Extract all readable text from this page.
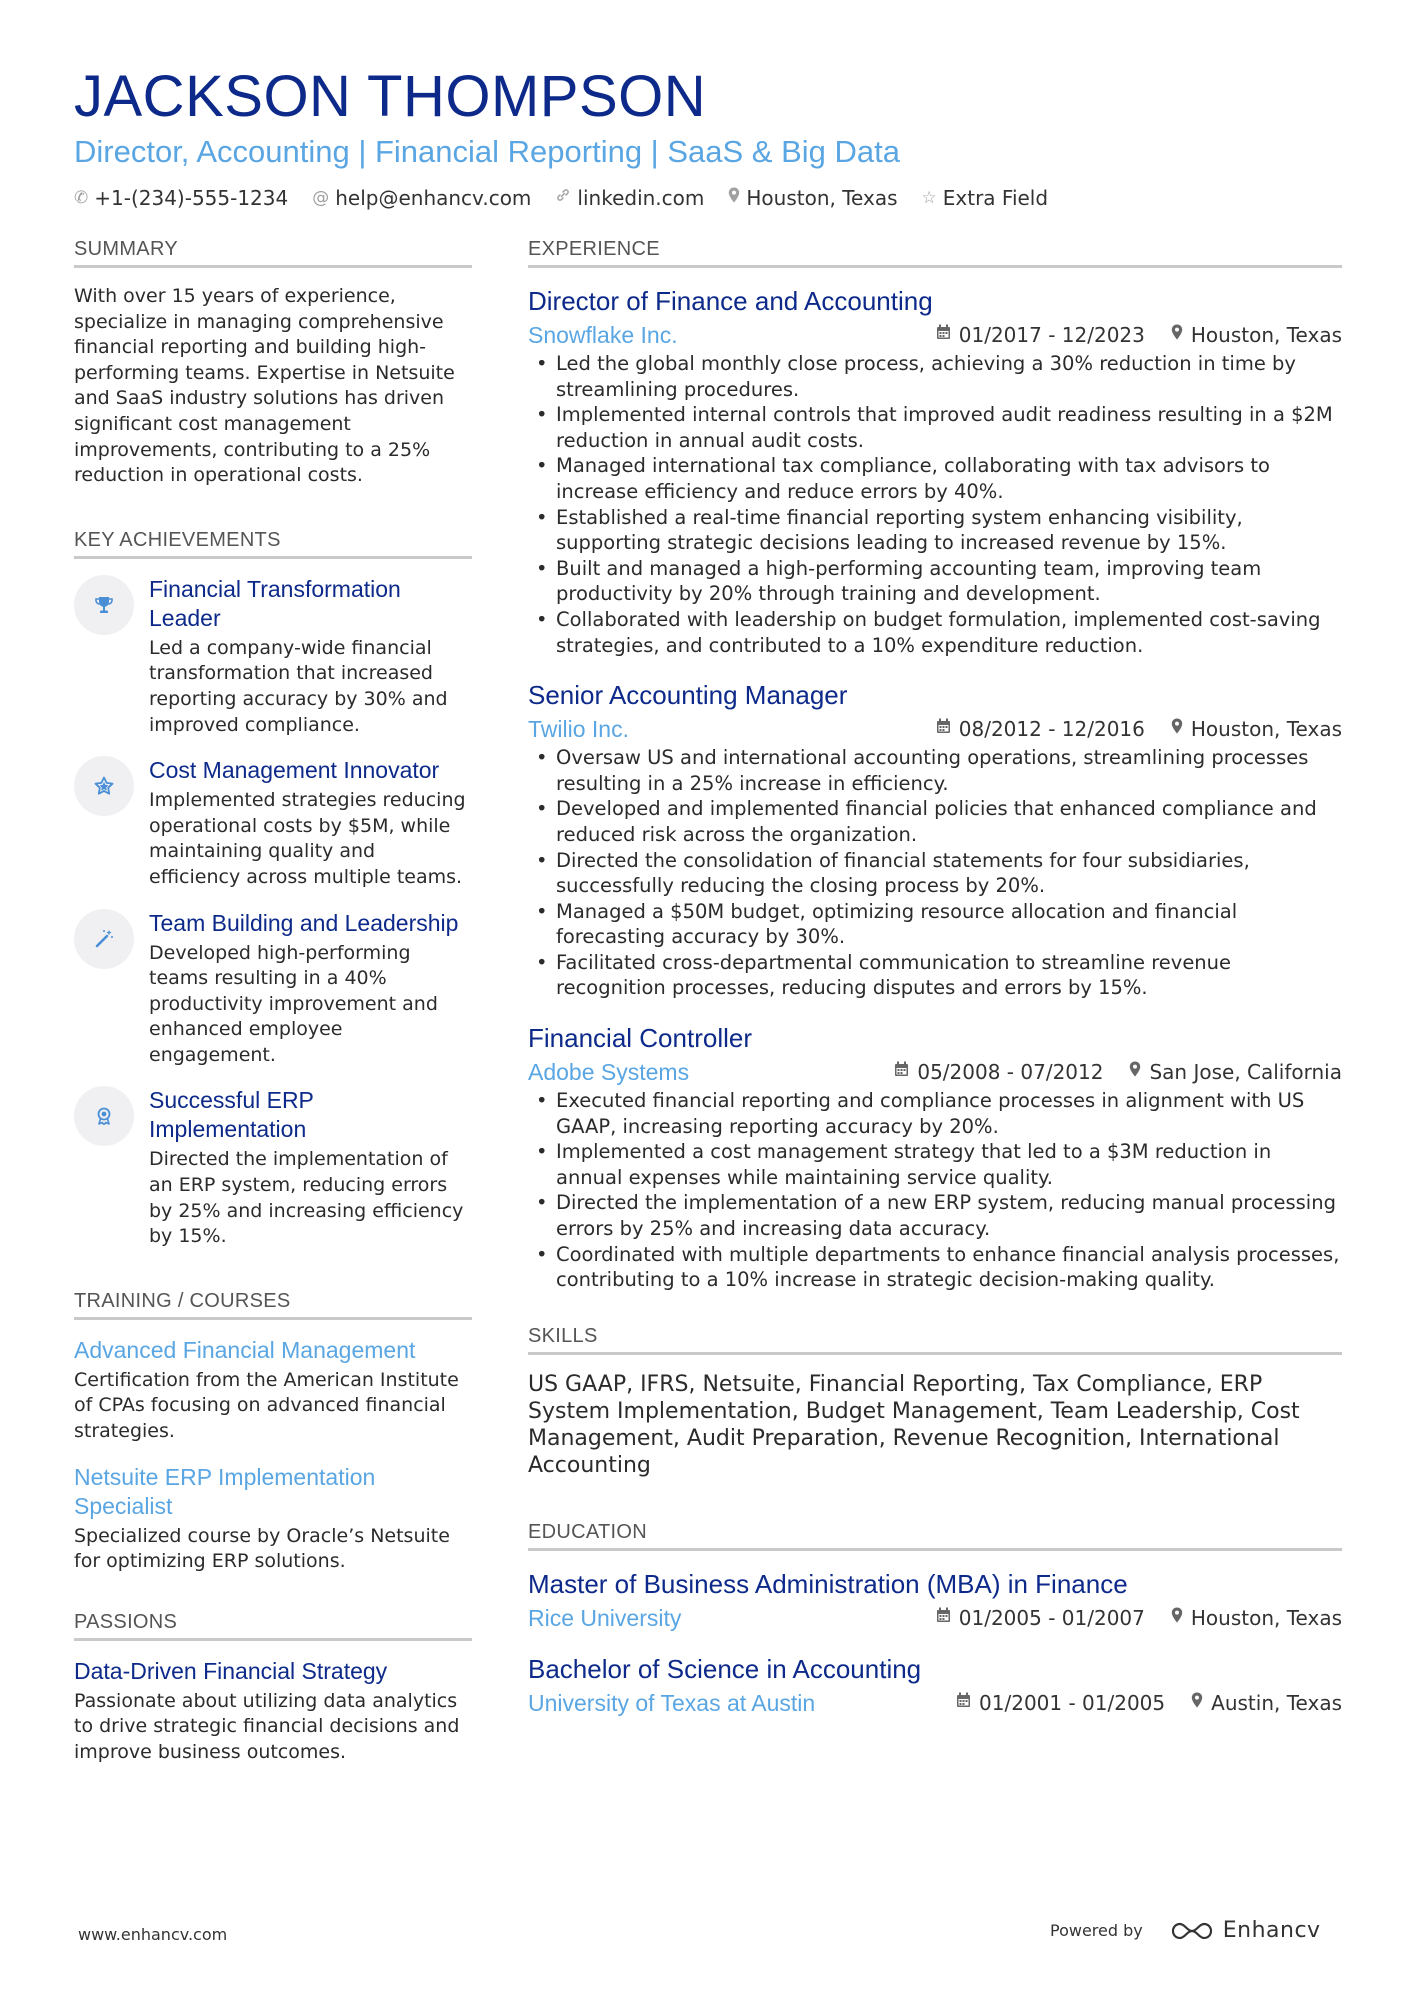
JACKSON THOMPSON
Director, Accounting | Financial Reporting | SaaS & Big Data
✆ +1-(234)-555-1234 @ help@enhancv.com linkedin.com Houston, Texas ☆ Extra Field
SUMMARY
With over 15 years of experience, specialize in managing comprehensive financial reporting and building high-performing teams. Expertise in Netsuite and SaaS industry solutions has driven significant cost management improvements, contributing to a 25% reduction in operational costs.
KEY ACHIEVEMENTS
Financial Transformation Leader
Led a company-wide financial transformation that increased reporting accuracy by 30% and improved compliance.
Cost Management Innovator
Implemented strategies reducing operational costs by $5M, while maintaining quality and efficiency across multiple teams.
Team Building and Leadership
Developed high-performing teams resulting in a 40% productivity improvement and enhanced employee engagement.
Successful ERP Implementation
Directed the implementation of an ERP system, reducing errors by 25% and increasing efficiency by 15%.
TRAINING / COURSES
Advanced Financial Management
Certification from the American Institute of CPAs focusing on advanced financial strategies.
Netsuite ERP Implementation Specialist
Specialized course by Oracle’s Netsuite for optimizing ERP solutions.
PASSIONS
Data-Driven Financial Strategy
Passionate about utilizing data analytics to drive strategic financial decisions and improve business outcomes.
EXPERIENCE
Director of Finance and Accounting
Snowflake Inc.	01/2017 - 12/2023 Houston, Texas
• Led the global monthly close process, achieving a 30% reduction in time by streamlining procedures.
• Implemented internal controls that improved audit readiness resulting in a $2M reduction in annual audit costs.
• Managed international tax compliance, collaborating with tax advisors to increase efficiency and reduce errors by 40%.
• Established a real-time financial reporting system enhancing visibility, supporting strategic decisions leading to increased revenue by 15%.
• Built and managed a high-performing accounting team, improving team productivity by 20% through training and development.
• Collaborated with leadership on budget formulation, implemented cost-saving strategies, and contributed to a 10% expenditure reduction.
Senior Accounting Manager
Twilio Inc.	08/2012 - 12/2016 Houston, Texas
• Oversaw US and international accounting operations, streamlining processes resulting in a 25% increase in efficiency.
• Developed and implemented financial policies that enhanced compliance and reduced risk across the organization.
• Directed the consolidation of financial statements for four subsidiaries, successfully reducing the closing process by 20%.
• Managed a $50M budget, optimizing resource allocation and financial forecasting accuracy by 30%.
• Facilitated cross-departmental communication to streamline revenue recognition processes, reducing disputes and errors by 15%.
Financial Controller
Adobe Systems	05/2008 - 07/2012 San Jose, California
• Executed financial reporting and compliance processes in alignment with US GAAP, increasing reporting accuracy by 20%.
• Implemented a cost management strategy that led to a $3M reduction in annual expenses while maintaining service quality.
• Directed the implementation of a new ERP system, reducing manual processing errors by 25% and increasing data accuracy.
• Coordinated with multiple departments to enhance financial analysis processes, contributing to a 10% increase in strategic decision-making quality.
SKILLS
US GAAP, IFRS, Netsuite, Financial Reporting, Tax Compliance, ERP System Implementation, Budget Management, Team Leadership, Cost Management, Audit Preparation, Revenue Recognition, International Accounting
EDUCATION
Master of Business Administration (MBA) in Finance
Rice University	01/2005 - 01/2007 Houston, Texas
Bachelor of Science in Accounting
University of Texas at Austin	01/2001 - 01/2005 Austin, Texas
www.enhancv.com	Powered by	Enhancv
